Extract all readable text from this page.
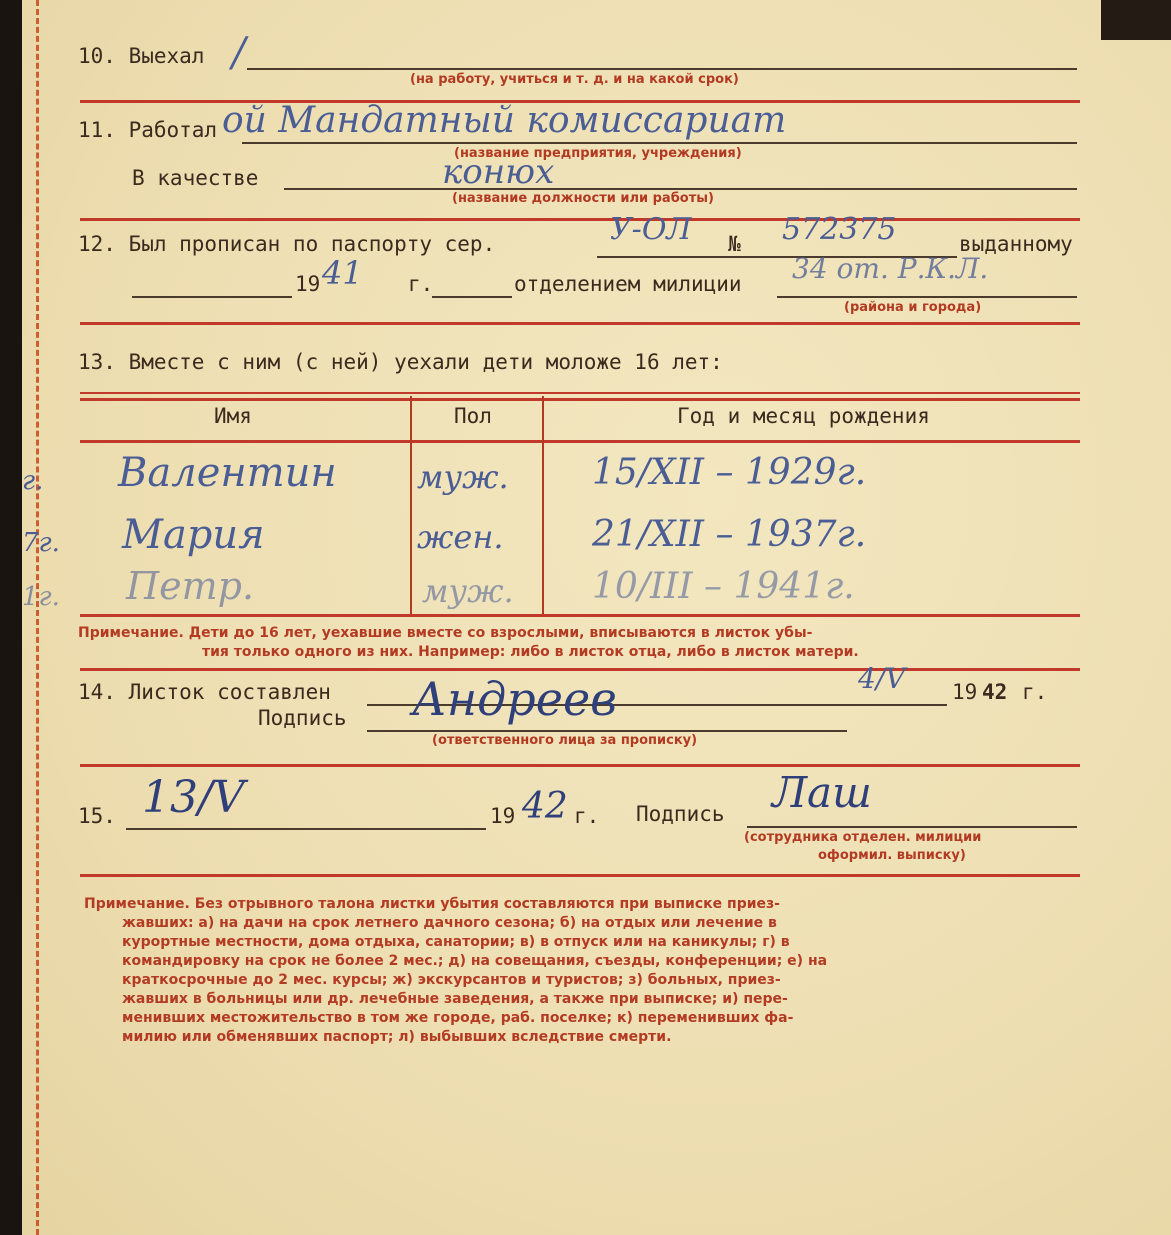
10. Выехал /
(на работу, учиться и т. д. и на какой срок)
11. Работал ой Мандатный комиссариат
(название предприятия, учреждения)
В качестве	конюх
(название должности или работы)
12. Был прописан по паспорту сер.	У-ОЛ № 572375	выданному
19 41 г.	отделением милиции 34 от. Р.К.Л.
(района и города)
13. Вместе с ним (с ней) уехали дети моложе 16 лет:
Имя	Пол	Год и месяц рождения
г. Валентин	муж. 15/XII – 1929г.
7г. Мария	жен. 21/XII – 1937г.
1г. Петр.	муж. 10/III – 1941г.
Примечание. Дети до 16 лет, уехавшие вместе со взрослыми, вписываются в листок убы-
тия только одного из них. Например: либо в листок отца, либо в листок матери.
14. Листок составлен	4/V 19 42 г.
Подпись Андреев
(ответственного лица за прописку)
15. 13/V	19 42 г. Подпись Лаш
(сотрудника отделен. милиции
оформил. выписку)
Примечание. Без отрывного талона листки убытия составляются при выписке приез-
жавших: а) на дачи на срок летнего дачного сезона; б) на отдых или лечение в
курортные местности, дома отдыха, санатории; в) в отпуск или на каникулы; г) в
командировку на срок не более 2 мес.; д) на совещания, съезды, конференции; е) на
краткосрочные до 2 мес. курсы; ж) экскурсантов и туристов; з) больных, приез-
жавших в больницы или др. лечебные заведения, а также при выписке; и) пере-
менивших местожительство в том же городе, раб. поселке; к) переменивших фа-
милию или обменявших паспорт; л) выбывших вследствие смерти.
